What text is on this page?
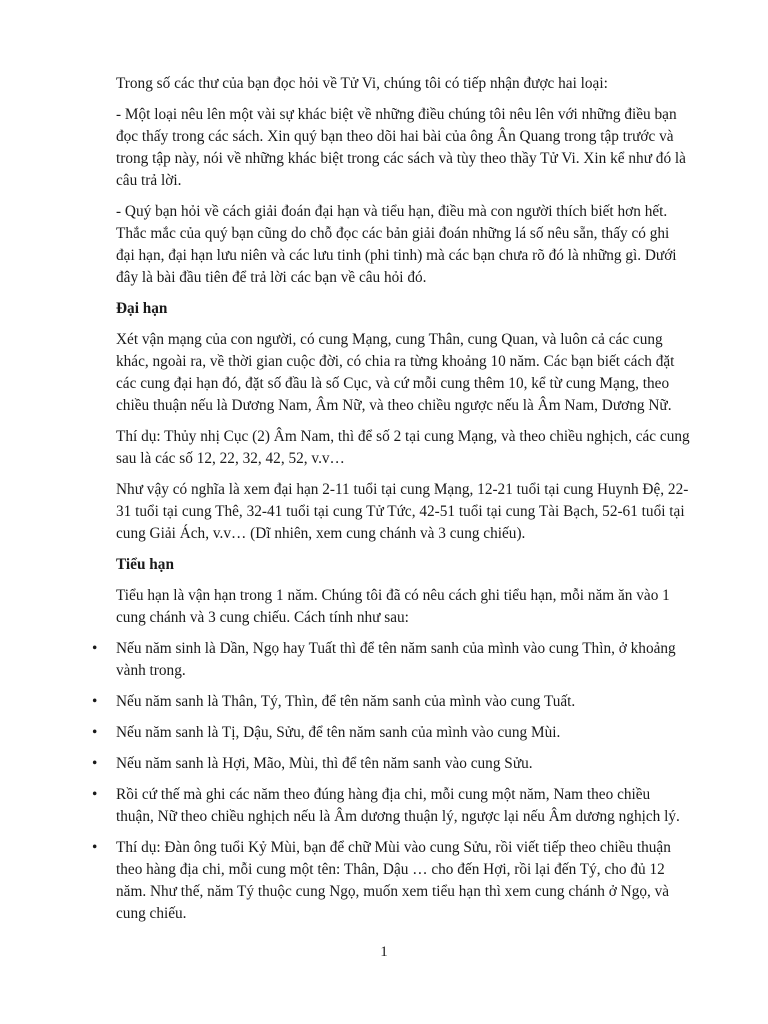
Trong số các thư của bạn đọc hỏi về Tử Vi, chúng tôi có tiếp nhận được hai loại:

- Một loại nêu lên một vài sự khác biệt về những điều chúng tôi nêu lên với những điều bạn đọc thấy trong các sách. Xin quý bạn theo dõi hai bài của ông Ân Quang trong tập trước và trong tập này, nói về những khác biệt trong các sách và tùy theo thầy Tử Vi. Xin kể như đó là câu trả lời.

- Quý bạn hỏi về cách giải đoán đại hạn và tiểu hạn, điều mà con người thích biết hơn hết. Thắc mắc của quý bạn cũng do chỗ đọc các bản giải đoán những lá số nêu sẵn, thấy có ghi đại hạn, đại hạn lưu niên và các lưu tinh (phi tinh) mà các bạn chưa rõ đó là những gì. Dưới đây là bài đầu tiên để trả lời các bạn về câu hỏi đó.

Đại hạn

Xét vận mạng của con người, có cung Mạng, cung Thân, cung Quan, và luôn cả các cung khác, ngoài ra, về thời gian cuộc đời, có chia ra từng khoảng 10 năm. Các bạn biết cách đặt các cung đại hạn đó, đặt số đầu là số Cục, và cứ mỗi cung thêm 10, kể từ cung Mạng, theo chiều thuận nếu là Dương Nam, Âm Nữ, và theo chiều ngược nếu là Âm Nam, Dương Nữ.

Thí dụ: Thủy nhị Cục (2) Âm Nam, thì để số 2 tại cung Mạng, và theo chiều nghịch, các cung sau là các số 12, 22, 32, 42, 52, v.v…

Như vậy có nghĩa là xem đại hạn 2-11 tuổi tại cung Mạng, 12-21 tuổi tại cung Huynh Đệ, 22-31 tuổi tại cung Thê, 32-41 tuổi tại cung Tử Tức, 42-51 tuổi tại cung Tài Bạch, 52-61 tuổi tại cung Giải Ách, v.v… (Dĩ nhiên, xem cung chánh và 3 cung chiếu).

Tiểu hạn

Tiểu hạn là vận hạn trong 1 năm. Chúng tôi đã có nêu cách ghi tiểu hạn, mỗi năm ăn vào 1 cung chánh và 3 cung chiếu. Cách tính như sau:

• Nếu năm sinh là Dần, Ngọ hay Tuất thì để tên năm sanh của mình vào cung Thìn, ở khoảng vành trong.
• Nếu năm sanh là Thân, Tý, Thìn, để tên năm sanh của mình vào cung Tuất.
• Nếu năm sanh là Tị, Dậu, Sửu, để tên năm sanh của mình vào cung Mùi.
• Nếu năm sanh là Hợi, Mão, Mùi, thì để tên năm sanh vào cung Sửu.
• Rồi cứ thế mà ghi các năm theo đúng hàng địa chi, mỗi cung một năm, Nam theo chiều thuận, Nữ theo chiều nghịch nếu là Âm dương thuận lý, ngược lại nếu Âm dương nghịch lý.
• Thí dụ: Đàn ông tuổi Kỷ Mùi, bạn để chữ Mùi vào cung Sửu, rồi viết tiếp theo chiều thuận theo hàng địa chi, mỗi cung một tên: Thân, Dậu … cho đến Hợi, rồi lại đến Tý, cho đủ 12 năm. Như thế, năm Tý thuộc cung Ngọ, muốn xem tiểu hạn thì xem cung chánh ở Ngọ, và cung chiếu.
1
